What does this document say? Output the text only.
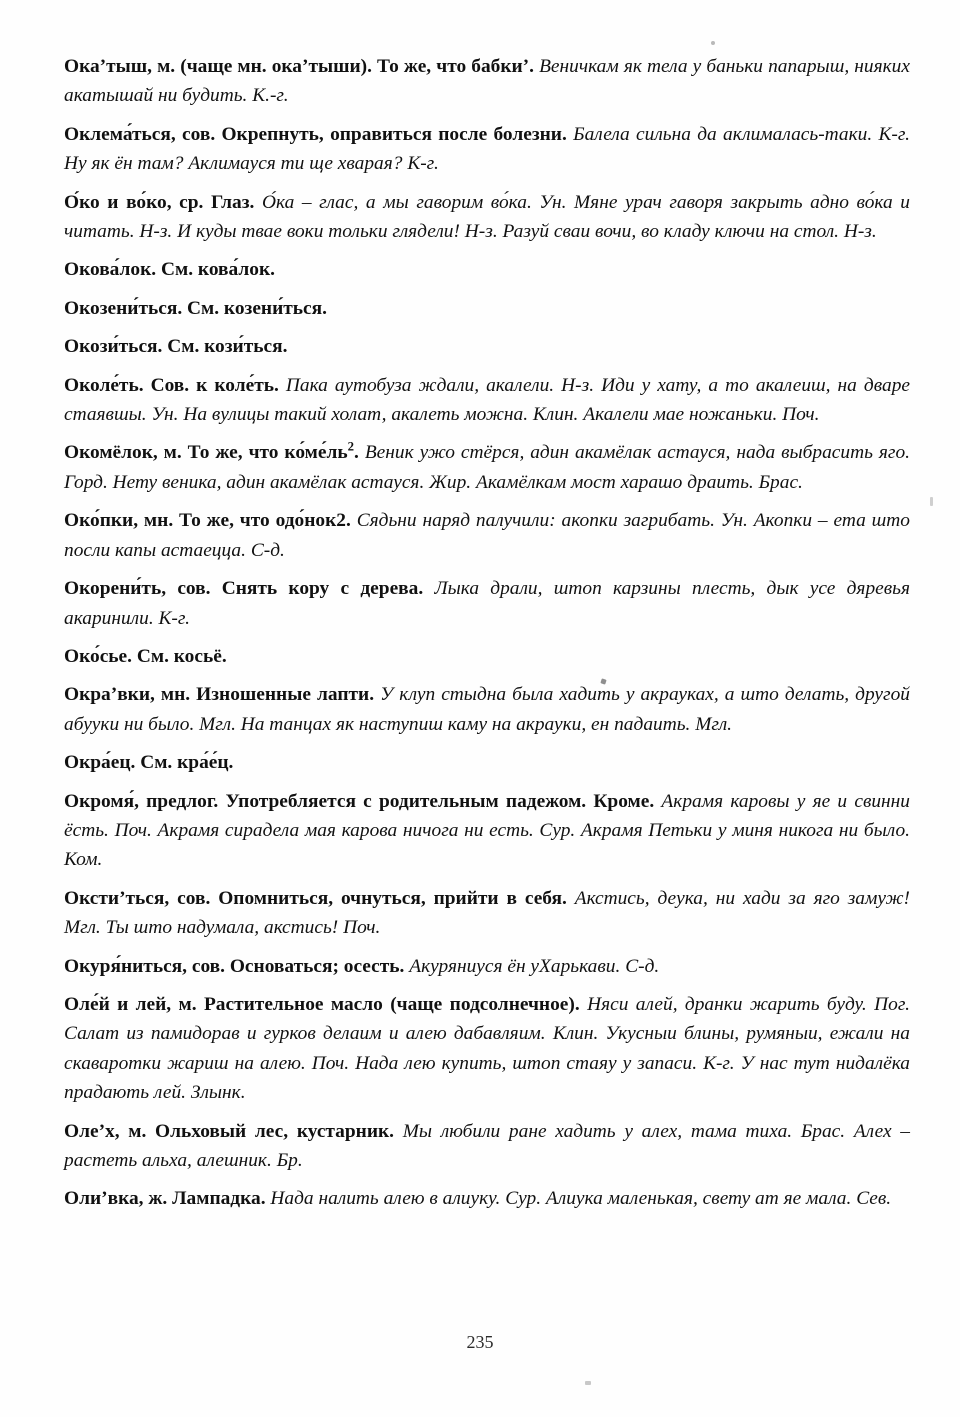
Ока’тыш, м. (чаще мн. ока’тыши). То же, что бабки’. Веничкам як тела у баньки папарыш, ниякuх акатышай ни будить. К.-г.

Оклема́ться, сов. Окрепнуть, оправиться после болезни. Балела сильна да аклималась-таки. К-г. Ну як ён там? Аклимауся ти ще хварая? К-г.

О́ко и во́ко, ср. Глаз. О́ка – глас, а мы гаворим во́ка. Ун. Мяне урач гаворя закрыть адно во́ка и читать. Н-з. И куды твае воки тольки глядели! Н-з. Разуй сваи вочи, во кладу ключи на стол. Н-з.

Окова́лок. См. кова́лок.

Окозени́ться. См. козени́ться.

Окози́ться. См. кози́ться.

Околе́ть. Сов. к коле́ть. Пака аутобуза ждали, акалели. Н-з. Иди у хату, а то акалеиш, на дваре стаявшы. Ун. На вулицы такий холат, акалеть можна. Клин. Акалели мае ножаньки. Поч.

Окомёлок, м. То же, что $ко́ме́ль^2$. Веник ужо стёрся, адин акамёлак астауся, нада выбрасить яго. Горд. Нету веника, адин акамёлак астауся. Жир. Акамёлкам мост харашо драить. Брас.

Око́пки, мн. То же, что одо́нок2. Сядьни наряд палучили: акопки загрибать. Ун. Акопки – ета што посли капы астаецца. С-д.

Окорени́ть, сов. Снять кору с дерева. Лыка драли, штоп карзины плесть, дык усе дяревья акаринили. К-г.

Око́сье. См. косьё.

Окра’вки, мн. Изношенные лапти. У клуп стыдна была хадить у акрауках, а што делать, другой абууки ни было. Мгл. На танцах як наступиш каму на акрауки, ен падаить. Мгл.

Окра́ец. См. кра́е́ц.

Окромя́, предлог. Употребляется с родительным падежом. Кроме. Акрамя каровы у яе и свинни ёсть. Поч. Акрамя сирадела мая карова ничога ни есть. Сур. Акрамя Петьки у миня никога ни было. Ком.

Оксти’ться, сов. Опомниться, очнуться, прийти в себя. Акстись, деука, ни хади за яго замуж! Мгл. Ты што надумала, акстись! Поч.

Окуря́ниться, сов. Основаться; осесть. Акуряниуся ён уХарькави. С-д.

Оле́й и лей, м. Растительное масло (чаще подсолнечное). Няси алей, дранки жарить буду. Пог. Салат из памидорав и гурков делаим и алею дабавляим. Клин. Укусныи блины, румяныи, ежали на скаваротки жариш на алею. Поч. Нада лею купить, штоп стаяу у запаси. К-г. У нас тут нидалёка прадають лей. Злынк.

Оле’х, м. Ольховый лес, кустарник. Мы любили ране хадить у алех, тама тиха. Брас. Алех – растеть альха, алешник. Бр.

Оли’вка, ж. Лампадка. Нада налить алею в алиуку. Сур. Алиука маленькая, свету ат яе мала. Сев.

235
